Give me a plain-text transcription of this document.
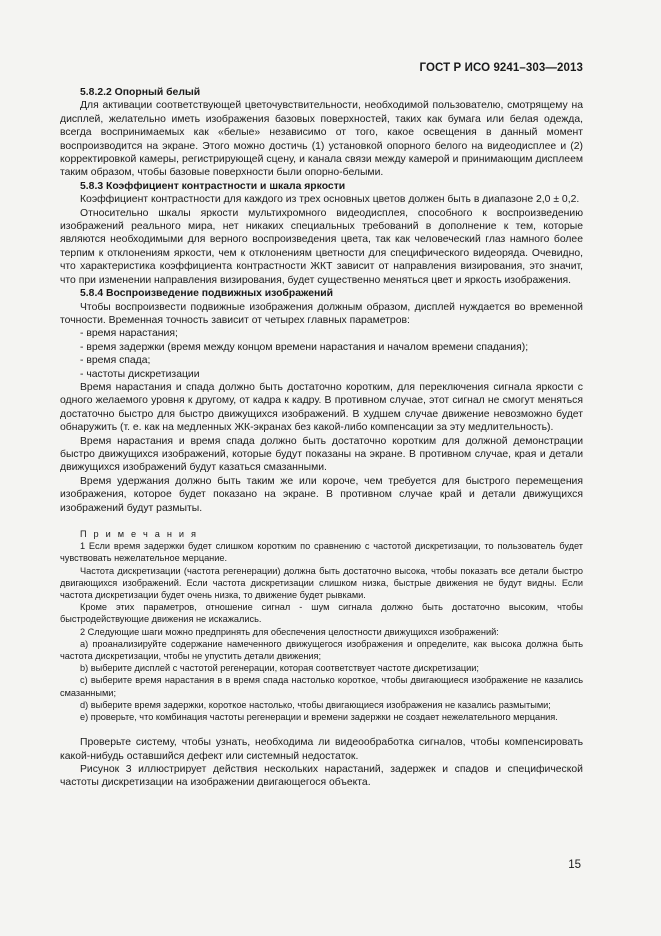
ГОСТ Р ИСО 9241–303—2013
5.8.2.2 Опорный белый

Для активации соответствующей цветочувствительности, необходимой пользователю, смотрящему на дисплей, желательно иметь изображения базовых поверхностей, таких как бумага или белая одежда, всегда воспринимаемых как «белые» независимо от того, какое освещения в данный момент воспроизводится на экране. Этого можно достичь (1) установкой опорного белого на видеодисплее и (2) корректировкой камеры, регистрирующей сцену, и канала связи между камерой и принимающим дисплеем таким образом, чтобы базовые поверхности были опорно-белыми.

5.8.3 Коэффициент контрастности и шкала яркости

Коэффициент контрастности для каждого из трех основных цветов должен быть в диапазоне 2,0 ± 0,2.

Относительно шкалы яркости мультихромного видеодисплея, способного к воспроизведению изображений реального мира, нет никаких специальных требований в дополнение к тем, которые являются необходимыми для верного воспроизведения цвета, так как человеческий глаз намного более терпим к отклонениям яркости, чем к отклонениям цветности для специфического видеоряда. Очевидно, что характеристика коэффициента контрастности ЖКТ зависит от направления визирования, это значит, что при изменении направления визирования, будет существенно меняться цвет и яркость изображения.

5.8.4 Воспроизведение подвижных изображений

Чтобы воспроизвести подвижные изображения должным образом, дисплей нуждается во временной точности. Временная точность зависит от четырех главных параметров:

- время нарастания;

- время задержки (время между концом времени нарастания и началом времени спадания);

- время спада;

- частоты дискретизации

Время нарастания и спада должно быть достаточно коротким, для переключения сигнала яркости с одного желаемого уровня к другому, от кадра к кадру. В противном случае, этот сигнал не смогут меняться достаточно быстро для быстро движущихся изображений. В худшем случае движение невозможно будет обнаружить (т. е. как на медленных ЖК-экранах без какой-либо компенсации за эту медлительность).

Время нарастания и время спада должно быть достаточно коротким для должной демонстрации быстро движущихся изображений, которые будут показаны на экране. В противном случае, края и детали движущихся изображений будут казаться смазанными.

Время удержания должно быть таким же или короче, чем требуется для быстрого перемещения изображения, которое будет показано на экране. В противном случае край и детали движущихся изображений будут размыты.

П р и м е ч а н и я

1 Если время задержки будет слишком коротким по сравнению с частотой дискретизации, то пользователь будет чувствовать нежелательное мерцание.

Частота дискретизации (частота регенерации) должна быть достаточно высока, чтобы показать все детали быстро двигающихся изображений. Если частота дискретизации слишком низка, быстрые движения не будут видны. Если частота дискретизации будет очень низка, то движение будет рывками.

Кроме этих параметров, отношение сигнал - шум сигнала должно быть достаточно высоким, чтобы быстродействующие движения не искажались.

2 Следующие шаги можно предпринять для обеспечения целостности движущихся изображений:

a) проанализируйте содержание намеченного движущегося изображения и определите, как высока должна быть частота дискретизации, чтобы не упустить детали движения;

b) выберите дисплей с частотой регенерации, которая соответствует частоте дискретизации;

c) выберите время нарастания в в время спада настолько короткое, чтобы двигающиеся изображение не казались смазанными;

d) выберите время задержки, короткое настолько, чтобы двигающиеся изображения не казались размытыми;

e) проверьте, что комбинация частоты регенерации и времени задержки не создает нежелательного мерцания.

Проверьте систему, чтобы узнать, необходима ли видеообработка сигналов, чтобы компенсировать какой-нибудь оставшийся дефект или системный недостаток.

Рисунок 3 иллюстрирует действия нескольких нарастаний, задержек и спадов и специфической частоты дискретизации на изображении двигающегося объекта.

15
